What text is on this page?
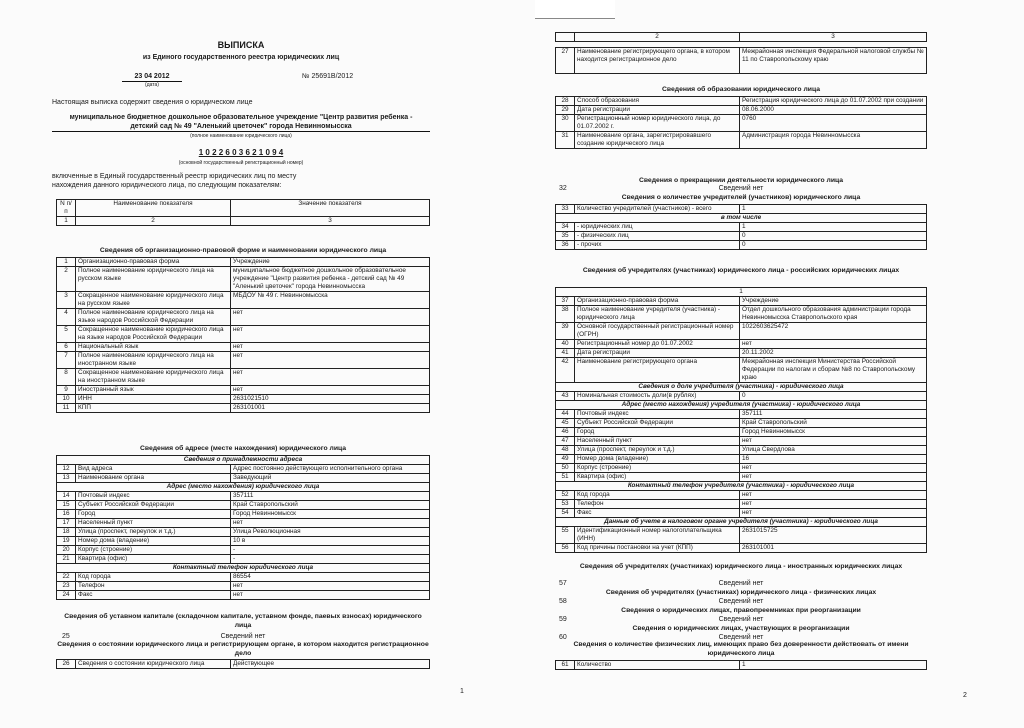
ВЫПИСКА
из Единого государственного реестра юридических лиц
23 04 2012
(дата)
№ 25691В/2012
Настоящая выписка содержит сведения о юридическом лице
муниципальное бюджетное дошкольное образовательное учреждение "Центр развития ребенка -
детский сад № 49 "Аленький цветочек" города Невинномысска
(полное наименование юридического лица)
1 0 2 2 6 0 3 6 2 1 0 9 4
(основной государственный регистрационный номер)
включенные в Единый государственный реестр юридических лиц по месту
нахождения данного юридического лица, по следующим показателям:
N п/п	Наименование показателя	Значение показателя
1	2	3
Сведения об организационно-правовой форме и наименовании юридического лица
1	Организационно-правовая форма	Учреждение
2	Полное наименование юридического лица на русском языке	муниципальное бюджетное дошкольное образовательное учреждение "Центр развития ребенка - детский сад № 49 "Аленький цветочек" города Невинномысска
3	Сокращенное наименование юридического лица на русском языке	МБДОУ № 49 г. Невинномысска
4	Полное наименование юридического лица на языке народов Российской Федерации	нет
5	Сокращенное наименование юридического лица на языке народов Российской Федерации	нет
6	Национальный язык	нет
7	Полное наименование юридического лица на иностранном языке	нет
8	Сокращенное наименование юридического лица на иностранном языке	нет
9	Иностранный язык	нет
10	ИНН	2631021510
11	КПП	263101001
Сведения об адресе (месте нахождения) юридического лица
Сведения о принадлежности адреса		
12	Вид адреса	Адрес постоянно действующего исполнительного органа
13	Наименование органа	Заведующий
Адрес (место нахождения) юридического лица		
14	Почтовый индекс	357111
15	Субъект Российской Федерации	Край Ставропольский
16	Город	Город Невинномысск
17	Населенный пункт	нет
18	Улица (проспект, переулок и т.д.)	Улица Революционная
19	Номер дома (владение)	10 в
20	Корпус (строение)	-
21	Квартира (офис)	-
Контактный телефон юридического лица		
22	Код города	86554
23	Телефон	нет
24	Факс	нет
Сведения об уставном капитале (складочном капитале, уставном фонде, паевых взносах) юридического лица
25	Сведений нет
Сведения о состоянии юридического лица и регистрирующем органе, в котором находится регистрационное дело
26	Сведения о состоянии юридического лица	Действующее
1
	2	3
27	Наименование регистрирующего органа, в котором находится регистрационное дело	Межрайонная инспекция Федеральной налоговой службы № 11 по Ставропольскому краю
Сведения об образовании юридического лица
28	Способ образования	Регистрация юридического лица до 01.07.2002 при создании
29	Дата регистрации	08.06.2000
30	Регистрационный номер юридического лица, до 01.07.2002 г.	0760
31	Наименование органа, зарегистрировавшего создание юридического лица	Администрация города Невинномысска
Сведения о прекращении деятельности юридического лица
32	Сведений нет
Сведения о количестве учредителей (участников) юридического лица
33	Количество учредителей (участников) - всего	1
в том числе		
34	- юридических лиц	1
35	- физических лиц	0
36	- прочих	0
Сведения об учредителях (участниках) юридического лица - российских юридических лицах
1		
37	Организационно-правовая форма	Учреждение
38	Полное наименование учредителя (участника) - юридического лица	Отдел дошкольного образования администрации города Невинномысска Ставропольского края
39	Основной государственный регистрационный номер (ОГРН)	1022603625472
40	Регистрационный номер до 01.07.2002	нет
41	Дата регистрации	20.11.2002
42	Наименование регистрирующего органа	Межрайонная инспекция Министерства Российской Федерации по налогам и сборам №8 по Ставропольскому краю
Сведения о доле учредителя (участника) - юридического лица		
43	Номинальная стоимость доли(в рублях)	0
Адрес (место нахождения) учредителя (участника) - юридического лица		
44	Почтовый индекс	357111
45	Субъект Российской Федерации	Край Ставропольский
46	Город	Город Невинномысск
47	Населенный пункт	нет
48	Улица (проспект, переулок и т.д.)	Улица Свердлова
49	Номер дома (владение)	16
50	Корпус (строение)	нет
51	Квартира (офис)	нет
Контактный телефон учредителя (участника) - юридического лица		
52	Код города	нет
53	Телефон	нет
54	Факс	нет
Данные об учете в налоговом органе учредителя (участника) - юридического лица		
55	Идентификационный номер налогоплательщика (ИНН)	2631015725
56	Код причины постановки на учет (КПП)	263101001
Сведения об учредителях (участниках) юридического лица - иностранных юридических лицах
57	Сведений нет
Сведения об учредителях (участниках) юридического лица - физических лицах
58	Сведений нет
Сведения о юридических лицах, правопреемниках при реорганизации
59	Сведений нет
Сведения о юридических лицах, участвующих в реорганизации
60	Сведений нет
Сведения о количестве физических лиц, имеющих право без доверенности действовать от имени юридического лица
61	Количество	1
2
